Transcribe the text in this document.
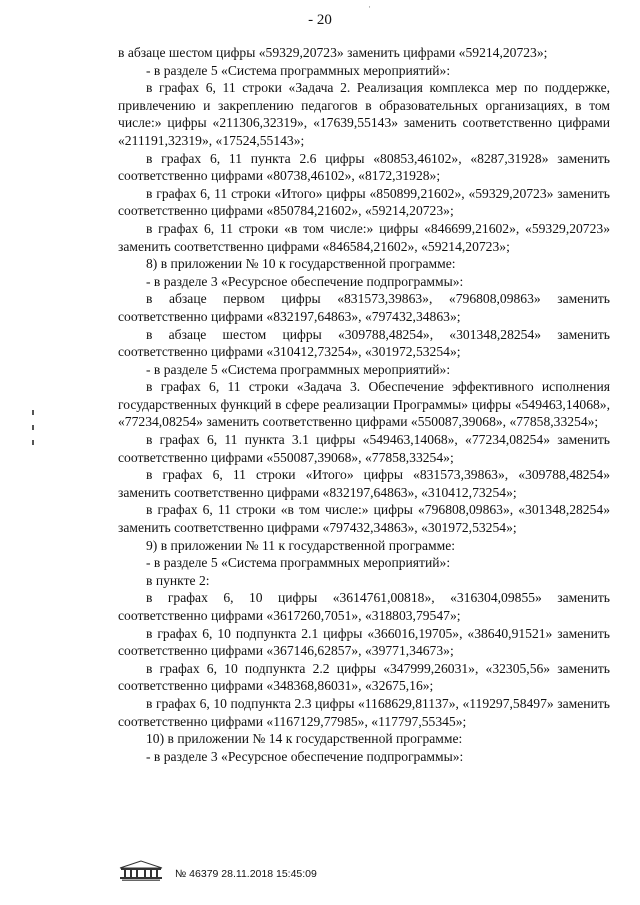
·
- 20

в абзаце шестом цифры «59329,20723» заменить цифрами «59214,20723»;

- в разделе 5 «Система программных мероприятий»:

в графах 6, 11 строки «Задача 2. Реализация комплекса мер по поддержке, привлечению и закреплению педагогов в образовательных организациях, в том числе:» цифры «211306,32319», «17639,55143» заменить соответственно цифрами «211191,32319», «17524,55143»;

в графах 6, 11 пункта 2.6 цифры «80853,46102», «8287,31928» заменить соответственно цифрами «80738,46102», «8172,31928»;

в графах 6, 11 строки «Итого» цифры «850899,21602», «59329,20723» заменить соответственно цифрами «850784,21602», «59214,20723»;

в графах 6, 11 строки «в том числе:» цифры «846699,21602», «59329,20723» заменить соответственно цифрами «846584,21602», «59214,20723»;

8) в приложении № 10 к государственной программе:

- в разделе 3 «Ресурсное обеспечение подпрограммы»:

в абзаце первом цифры «831573,39863», «796808,09863» заменить соответственно цифрами «832197,64863», «797432,34863»;

в абзаце шестом цифры «309788,48254», «301348,28254» заменить соответственно цифрами «310412,73254», «301972,53254»;

- в разделе 5 «Система программных мероприятий»:

в графах 6, 11 строки «Задача 3. Обеспечение эффективного исполнения государственных функций в сфере реализации Программы» цифры «549463,14068», «77234,08254» заменить соответственно цифрами «550087,39068», «77858,33254»;

в графах 6, 11 пункта 3.1 цифры «549463,14068», «77234,08254» заменить соответственно цифрами «550087,39068», «77858,33254»;

в графах 6, 11 строки «Итого» цифры «831573,39863», «309788,48254» заменить соответственно цифрами «832197,64863», «310412,73254»;

в графах 6, 11 строки «в том числе:» цифры «796808,09863», «301348,28254» заменить соответственно цифрами «797432,34863», «301972,53254»;

9) в приложении № 11 к государственной программе:

- в разделе 5 «Система программных мероприятий»:

в пункте 2:

в графах 6, 10 цифры «3614761,00818», «316304,09855» заменить соответственно цифрами «3617260,7051», «318803,79547»;

в графах 6, 10 подпункта 2.1 цифры «366016,19705», «38640,91521» заменить соответственно цифрами «367146,62857», «39771,34673»;

в графах 6, 10 подпункта 2.2 цифры «347999,26031», «32305,56» заменить соответственно цифрами «348368,86031», «32675,16»;

в графах 6, 10 подпункта 2.3 цифры «1168629,81137», «119297,58497» заменить соответственно цифрами «1167129,77985», «117797,55345»;

10) в приложении № 14 к государственной программе:

- в разделе 3 «Ресурсное обеспечение подпрограммы»:

№ 46379 28.11.2018 15:45:09
